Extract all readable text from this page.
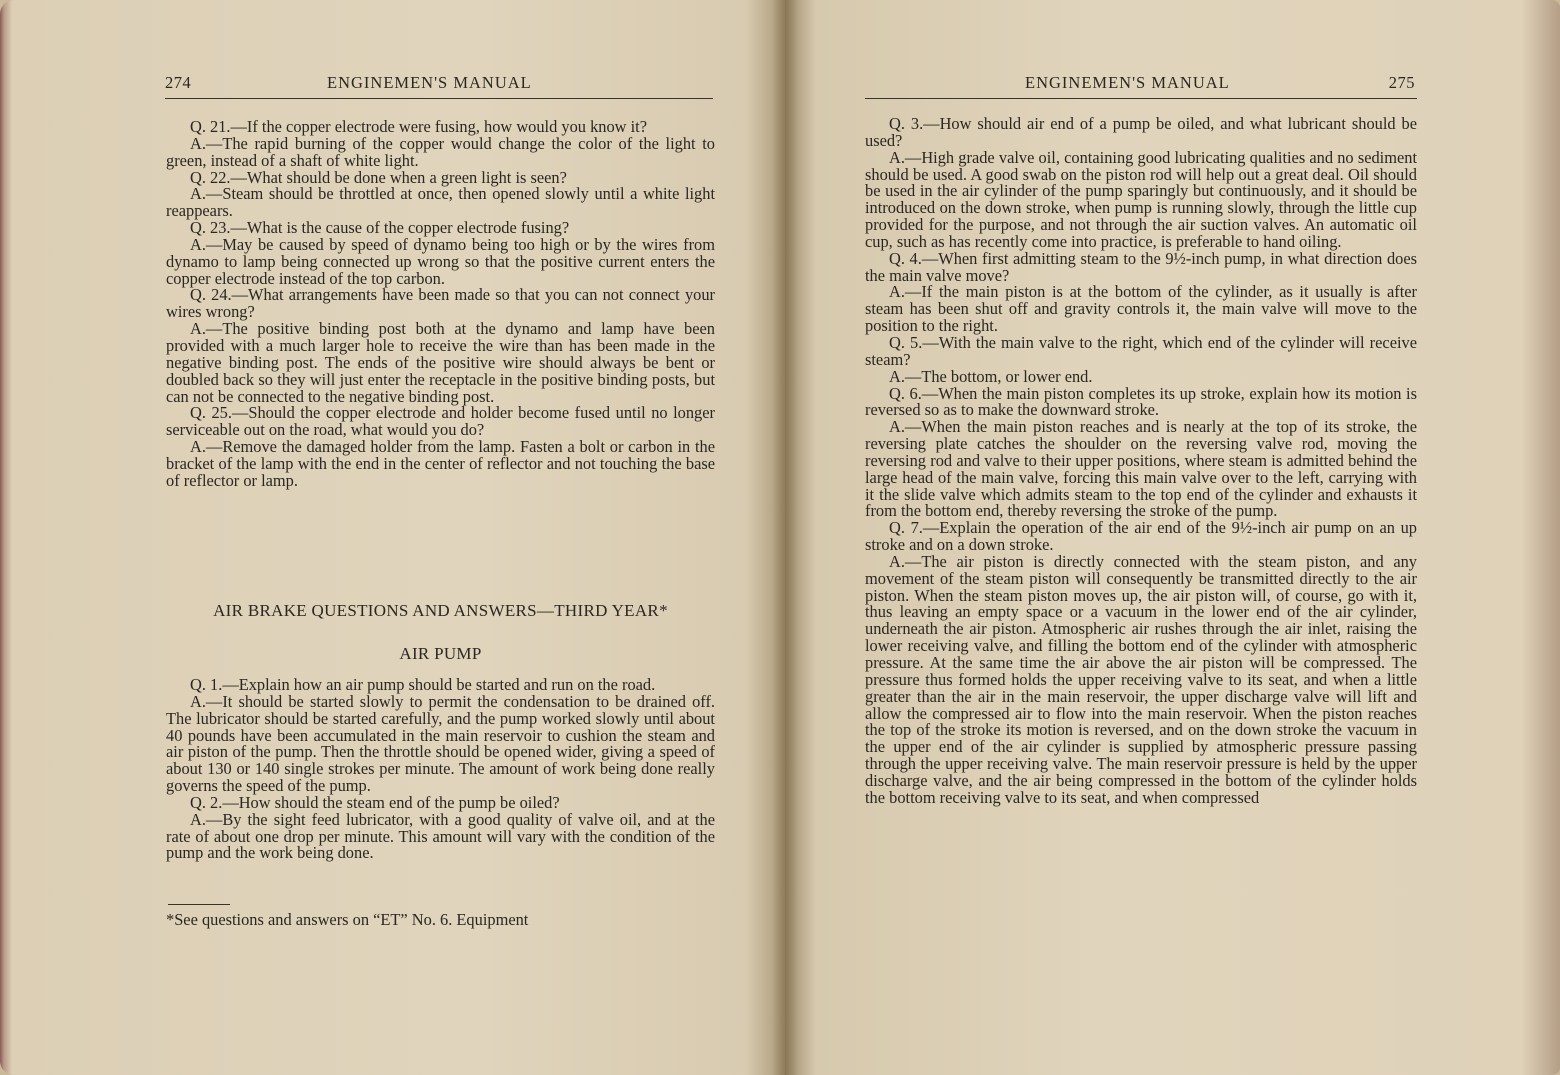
274	ENGINEMEN'S MANUAL

Q. 21.—If the copper electrode were fusing, how would you know it?

A.—The rapid burning of the copper would change the color of the light to green, instead of a shaft of white light.

Q. 22.—What should be done when a green light is seen?

A.—Steam should be throttled at once, then opened slowly until a white light reappears.

Q. 23.—What is the cause of the copper electrode fusing?

A.—May be caused by speed of dynamo being too high or by the wires from dynamo to lamp being connected up wrong so that the positive current enters the copper electrode instead of the top carbon.

Q. 24.—What arrangements have been made so that you can not connect your wires wrong?

A.—The positive binding post both at the dynamo and lamp have been provided with a much larger hole to receive the wire than has been made in the negative binding post. The ends of the positive wire should always be bent or doubled back so they will just enter the receptacle in the positive binding posts, but can not be connected to the negative binding post.

Q. 25.—Should the copper electrode and holder become fused until no longer serviceable out on the road, what would you do?

A.—Remove the damaged holder from the lamp. Fasten a bolt or carbon in the bracket of the lamp with the end in the center of reflector and not touching the base of reflector or lamp.

AIR BRAKE QUESTIONS AND ANSWERS—THIRD YEAR*
AIR PUMP

Q. 1.—Explain how an air pump should be started and run on the road.

A.—It should be started slowly to permit the condensation to be drained off. The lubricator should be started carefully, and the pump worked slowly until about 40 pounds have been accumulated in the main reservoir to cushion the steam and air piston of the pump. Then the throttle should be opened wider, giving a speed of about 130 or 140 single strokes per minute. The amount of work being done really governs the speed of the pump.

Q. 2.—How should the steam end of the pump be oiled?

A.—By the sight feed lubricator, with a good quality of valve oil, and at the rate of about one drop per minute. This amount will vary with the condition of the pump and the work being done.

*See questions and answers on “ET” No. 6. Equipment
ENGINEMEN'S MANUAL	275

Q. 3.—How should air end of a pump be oiled, and what lubricant should be used?

A.—High grade valve oil, containing good lubricating qualities and no sediment should be used. A good swab on the piston rod will help out a great deal. Oil should be used in the air cylinder of the pump sparingly but continuously, and it should be introduced on the down stroke, when pump is running slowly, through the little cup provided for the purpose, and not through the air suction valves. An automatic oil cup, such as has recently come into practice, is preferable to hand oiling.

Q. 4.—When first admitting steam to the 9½-inch pump, in what direction does the main valve move?

A.—If the main piston is at the bottom of the cylinder, as it usually is after steam has been shut off and gravity controls it, the main valve will move to the position to the right.

Q. 5.—With the main valve to the right, which end of the cylinder will receive steam?

A.—The bottom, or lower end.

Q. 6.—When the main piston completes its up stroke, explain how its motion is reversed so as to make the downward stroke.

A.—When the main piston reaches and is nearly at the top of its stroke, the reversing plate catches the shoulder on the reversing valve rod, moving the reversing rod and valve to their upper positions, where steam is admitted behind the large head of the main valve, forcing this main valve over to the left, carrying with it the slide valve which admits steam to the top end of the cylinder and exhausts it from the bottom end, thereby reversing the stroke of the pump.

Q. 7.—Explain the operation of the air end of the 9½-inch air pump on an up stroke and on a down stroke.

A.—The air piston is directly connected with the steam piston, and any movement of the steam piston will consequently be transmitted directly to the air piston. When the steam piston moves up, the air piston will, of course, go with it, thus leaving an empty space or a vacuum in the lower end of the air cylinder, underneath the air piston. Atmospheric air rushes through the air inlet, raising the lower receiving valve, and filling the bottom end of the cylinder with atmospheric pressure. At the same time the air above the air piston will be compressed. The pressure thus formed holds the upper receiving valve to its seat, and when a little greater than the air in the main reservoir, the upper discharge valve will lift and allow the compressed air to flow into the main reservoir. When the piston reaches the top of the stroke its motion is reversed, and on the down stroke the vacuum in the upper end of the air cylinder is supplied by atmospheric pressure passing through the upper receiving valve. The main reservoir pressure is held by the upper discharge valve, and the air being compressed in the bottom of the cylinder holds the bottom receiving valve to its seat, and when compressed
